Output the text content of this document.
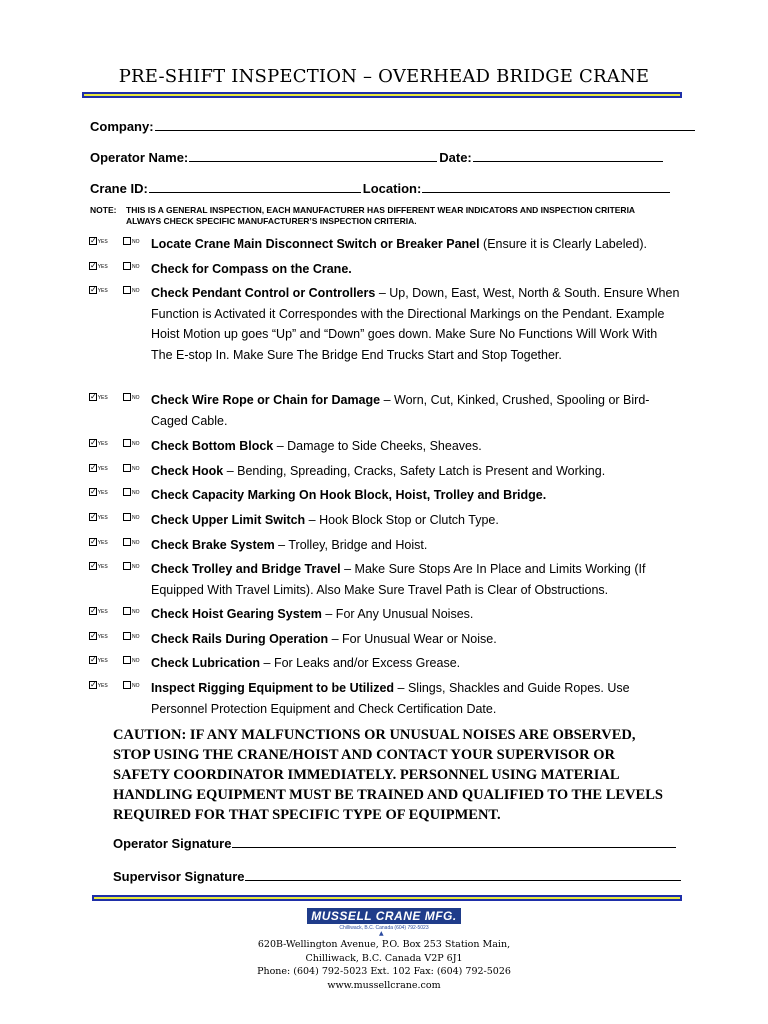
PRE-SHIFT INSPECTION – OVERHEAD BRIDGE CRANE
Company:
Operator Name:	Date:
Crane ID:	Location:
NOTE:	THIS IS A GENERAL INSPECTION, EACH MANUFACTURER HAS DIFFERENT WEAR INDICATORS AND INSPECTION CRITERIA ALWAYS CHECK SPECIFIC MANUFACTURER’S INSPECTION CRITERIA.
✓ YES	NO Locate Crane Main Disconnect Switch or Breaker Panel (Ensure it is Clearly Labeled).
✓ YES	NO Check for Compass on the Crane.
✓ YES	NO Check Pendant Control or Controllers – Up, Down, East, West, North & South. Ensure When Function is Activated it Correspondes with the Directional Markings on the Pendant. Example Hoist Motion up goes “Up” and “Down” goes down. Make Sure No Functions Will Work With The E-stop In. Make Sure The Bridge End Trucks Start and Stop Together.
✓ YES	NO Check Wire Rope or Chain for Damage – Worn, Cut, Kinked, Crushed, Spooling or Bird-Caged Cable.
✓ YES	NO Check Bottom Block – Damage to Side Cheeks, Sheaves.
✓ YES	NO Check Hook – Bending, Spreading, Cracks, Safety Latch is Present and Working.
✓ YES	NO Check Capacity Marking On Hook Block, Hoist, Trolley and Bridge.
✓ YES	NO Check Upper Limit Switch – Hook Block Stop or Clutch Type.
✓ YES	NO Check Brake System – Trolley, Bridge and Hoist.
✓ YES	NO Check Trolley and Bridge Travel – Make Sure Stops Are In Place and Limits Working (If Equipped With Travel Limits). Also Make Sure Travel Path is Clear of Obstructions.
✓ YES	NO Check Hoist Gearing System – For Any Unusual Noises.
✓ YES	NO Check Rails During Operation – For Unusual Wear or Noise.
✓ YES	NO Check Lubrication – For Leaks and/or Excess Grease.
✓ YES	NO Inspect Rigging Equipment to be Utilized – Slings, Shackles and Guide Ropes. Use Personnel Protection Equipment and Check Certification Date.
CAUTION: IF ANY MALFUNCTIONS OR UNUSUAL NOISES ARE OBSERVED, STOP USING THE CRANE/HOIST AND CONTACT YOUR SUPERVISOR OR SAFETY COORDINATOR IMMEDIATELY. PERSONNEL USING MATERIAL HANDLING EQUIPMENT MUST BE TRAINED AND QUALIFIED TO THE LEVELS REQUIRED FOR THAT SPECIFIC TYPE OF EQUIPMENT.
Operator Signature
Supervisor Signature
MUSSELL CRANE MFG.
Chilliwack, B.C. Canada (604) 792-5023
▲
620B-Wellington Avenue, P.O. Box 253 Station Main,
Chilliwack, B.C. Canada V2P 6J1
Phone: (604) 792-5023 Ext. 102 Fax: (604) 792-5026
www.mussellcrane.com
